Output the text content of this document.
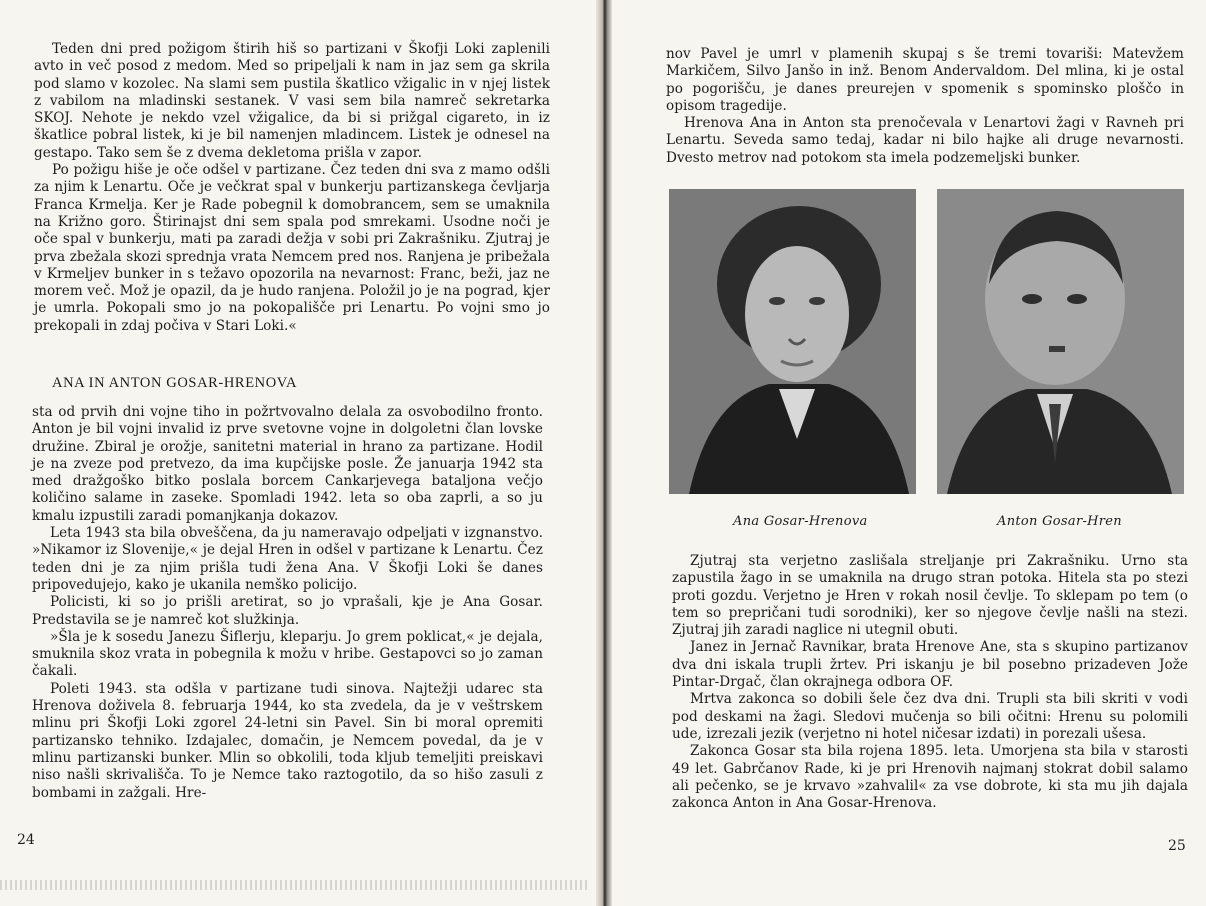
Teden dni pred požigom štirih hiš so partizani v Škofji Loki zaplenili avto in več posod z medom. Med so pripeljali k nam in jaz sem ga skrila pod slamo v kozolec. Na slami sem pustila škatlico vžigalic in v njej listek z vabilom na mladinski sestanek. V vasi sem bila namreč sekretarka SKOJ. Nehote je nekdo vzel vžigalice, da bi si prižgal cigareto, in iz škatlice pobral listek, ki je bil namenjen mladincem. Listek je odnesel na gestapo. Tako sem še z dvema dekletoma prišla v zapor.

Po požigu hiše je oče odšel v partizane. Čez teden dni sva z mamo odšli za njim k Lenartu. Oče je večkrat spal v bunkerju partizanskega čevljarja Franca Krmelja. Ker je Rade pobegnil k domobrancem, sem se umaknila na Križno goro. Štirinajst dni sem spala pod smrekami. Usodne noči je oče spal v bunkerju, mati pa zaradi dežja v sobi pri Zakrašniku. Zjutraj je prva zbežala skozi sprednja vrata Nemcem pred nos. Ranjena je pribežala v Krmeljev bunker in s težavo opozorila na nevarnost: Franc, beži, jaz ne morem več. Mož je opazil, da je hudo ranjena. Položil jo je na pograd, kjer je umrla. Pokopali smo jo na pokopališče pri Lenartu. Po vojni smo jo prekopali in zdaj počiva v Stari Loki.«

ANA IN ANTON GOSAR-HRENOVA

sta od prvih dni vojne tiho in požrtvovalno delala za osvobodilno fronto. Anton je bil vojni invalid iz prve svetovne vojne in dolgoletni član lovske družine. Zbiral je orožje, sanitetni material in hrano za partizane. Hodil je na zveze pod pretvezo, da ima kupčijske posle. Že januarja 1942 sta med dražgoško bitko poslala borcem Cankarjevega bataljona večjo količino salame in zaseke. Spomladi 1942. leta so oba zaprli, a so ju kmalu izpustili zaradi pomanjkanja dokazov.

Leta 1943 sta bila obveščena, da ju nameravajo odpeljati v izgnanstvo. »Nikamor iz Slovenije,« je dejal Hren in odšel v partizane k Lenartu. Čez teden dni je za njim prišla tudi žena Ana. V Škofji Loki še danes pripovedujejo, kako je ukanila nemško policijo.

Policisti, ki so jo prišli aretirat, so jo vprašali, kje je Ana Gosar. Predstavila se je namreč kot služkinja.

»Šla je k sosedu Janezu Šiflerju, kleparju. Jo grem poklicat,« je dejala, smuknila skoz vrata in pobegnila k možu v hribe. Gestapovci so jo zaman čakali.

Poleti 1943. sta odšla v partizane tudi sinova. Najtežji udarec sta Hrenova doživela 8. februarja 1944, ko sta zvedela, da je v veštrskem mlinu pri Škofji Loki zgorel 24-letni sin Pavel. Sin bi moral opremiti partizansko tehniko. Izdajalec, domačin, je Nemcem povedal, da je v mlinu partizanski bunker. Mlin so obkolili, toda kljub temeljiti preiskavi niso našli skrivališča. To je Nemce tako raztogotilo, da so hišo zasuli z bombami in zažgali. Hre-

24

nov Pavel je umrl v plamenih skupaj s še tremi tovariši: Matevžem Markičem, Silvo Janšo in inž. Benom Andervaldom. Del mlina, ki je ostal po pogorišču, je danes preurejen v spomenik s spominsko ploščo in opisom tragedije.

Hrenova Ana in Anton sta prenočevala v Lenartovi žagi v Ravneh pri Lenartu. Seveda samo tedaj, kadar ni bilo hajke ali druge nevarnosti. Dvesto metrov nad potokom sta imela podzemeljski bunker.

Ana Gosar-Hrenova	Anton Gosar-Hren

Zjutraj sta verjetno zaslišala streljanje pri Zakrašniku. Urno sta zapustila žago in se umaknila na drugo stran potoka. Hitela sta po stezi proti gozdu. Verjetno je Hren v rokah nosil čevlje. To sklepam po tem (o tem so prepričani tudi sorodniki), ker so njegove čevlje našli na stezi. Zjutraj jih zaradi naglice ni utegnil obuti.

Janez in Jernač Ravnikar, brata Hrenove Ane, sta s skupino partizanov dva dni iskala trupli žrtev. Pri iskanju je bil posebno prizadeven Jože Pintar-Drgač, član okrajnega odbora OF.

Mrtva zakonca so dobili šele čez dva dni. Trupli sta bili skriti v vodi pod deskami na žagi. Sledovi mučenja so bili očitni: Hrenu su polomili ude, izrezali jezik (verjetno ni hotel ničesar izdati) in porezali ušesa.

Zakonca Gosar sta bila rojena 1895. leta. Umorjena sta bila v starosti 49 let. Gabrčanov Rade, ki je pri Hrenovih najmanj stokrat dobil salamo ali pečenko, se je krvavo »zahvalil« za vse dobrote, ki sta mu jih dajala zakonca Anton in Ana Gosar-Hrenova.

25
